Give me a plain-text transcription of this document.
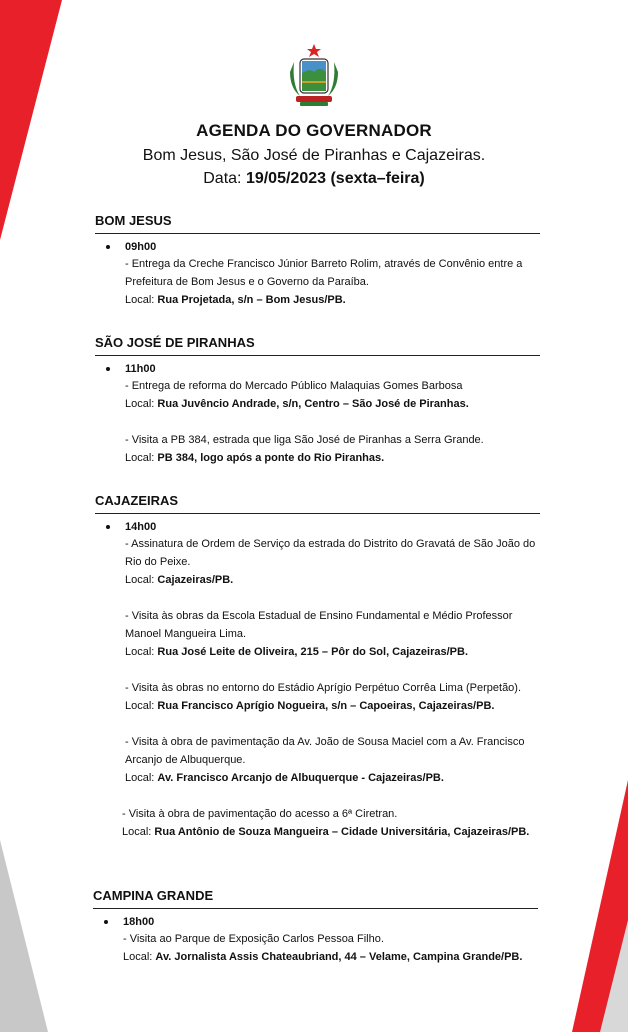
AGENDA DO GOVERNADOR
Bom Jesus, São José de Piranhas e Cajazeiras.
Data: 19/05/2023 (sexta–feira)
BOM JESUS
09h00
- Entrega da Creche Francisco Júnior Barreto Rolim, através de Convênio entre a Prefeitura de Bom Jesus e o Governo da Paraíba.
Local: Rua Projetada, s/n – Bom Jesus/PB.
SÃO JOSÉ DE PIRANHAS
11h00
- Entrega de reforma do Mercado Público Malaquias Gomes Barbosa
Local: Rua Juvêncio Andrade, s/n, Centro – São José de Piranhas.
- Visita a PB 384, estrada que liga São José de Piranhas a Serra Grande.
Local: PB 384, logo após a ponte do Rio Piranhas.
CAJAZEIRAS
14h00
- Assinatura de Ordem de Serviço da estrada do Distrito do Gravatá de São João do Rio do Peixe.
Local: Cajazeiras/PB.
- Visita às obras da Escola Estadual de Ensino Fundamental e Médio Professor Manoel Mangueira Lima.
Local: Rua José Leite de Oliveira, 215 – Pôr do Sol, Cajazeiras/PB.
- Visita às obras no entorno do Estádio Aprígio Perpétuo Corrêa Lima (Perpetão).
Local: Rua Francisco Aprígio Nogueira, s/n – Capoeiras, Cajazeiras/PB.
- Visita à obra de pavimentação da Av. João de Sousa Maciel com a Av. Francisco Arcanjo de Albuquerque.
Local: Av. Francisco Arcanjo de Albuquerque - Cajazeiras/PB.
- Visita à obra de pavimentação do acesso a 6ª Ciretran.
Local: Rua Antônio de Souza Mangueira – Cidade Universitária, Cajazeiras/PB.
CAMPINA GRANDE
18h00
- Visita ao Parque de Exposição Carlos Pessoa Filho.
Local: Av. Jornalista Assis Chateaubriand, 44 – Velame, Campina Grande/PB.
